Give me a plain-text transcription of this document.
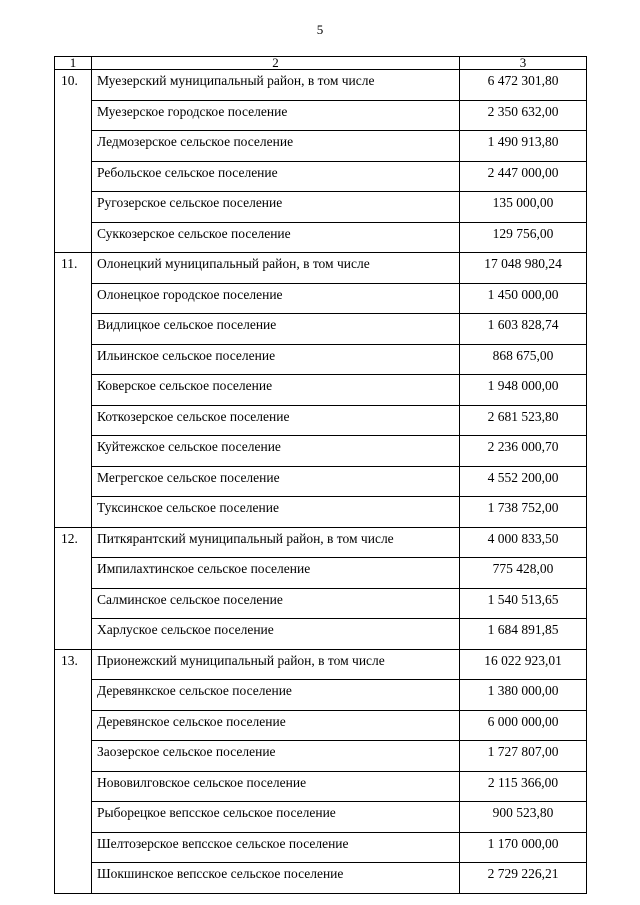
5
1	2	3
10.	Муезерский муниципальный район, в том числе	6 472 301,80
	Муезерское городское поселение	2 350 632,00
	Ледмозерское сельское поселение	1 490 913,80
	Ребольское сельское поселение	2 447 000,00
	Ругозерское сельское поселение	135 000,00
	Суккозерское сельское поселение	129 756,00
11.	Олонецкий муниципальный район, в том числе	17 048 980,24
	Олонецкое городское поселение	1 450 000,00
	Видлицкое сельское поселение	1 603 828,74
	Ильинское сельское поселение	868 675,00
	Коверское сельское поселение	1 948 000,00
	Коткозерское сельское поселение	2 681 523,80
	Куйтежское сельское поселение	2 236 000,70
	Мегрегское сельское поселение	4 552 200,00
	Туксинское сельское поселение	1 738 752,00
12.	Питкярантский муниципальный район, в том числе	4 000 833,50
	Импилахтинское сельское поселение	775 428,00
	Салминское сельское поселение	1 540 513,65
	Харлуское сельское поселение	1 684 891,85
13.	Прионежский муниципальный район, в том числе	16 022 923,01
	Деревянкское сельское поселение	1 380 000,00
	Деревянское сельское поселение	6 000 000,00
	Заозерское сельское поселение	1 727 807,00
	Нововилговское сельское поселение	2 115 366,00
	Рыборецкое вепсское сельское поселение	900 523,80
	Шелтозерское вепсское сельское поселение	1 170 000,00
	Шокшинское вепсское сельское поселение	2 729 226,21
